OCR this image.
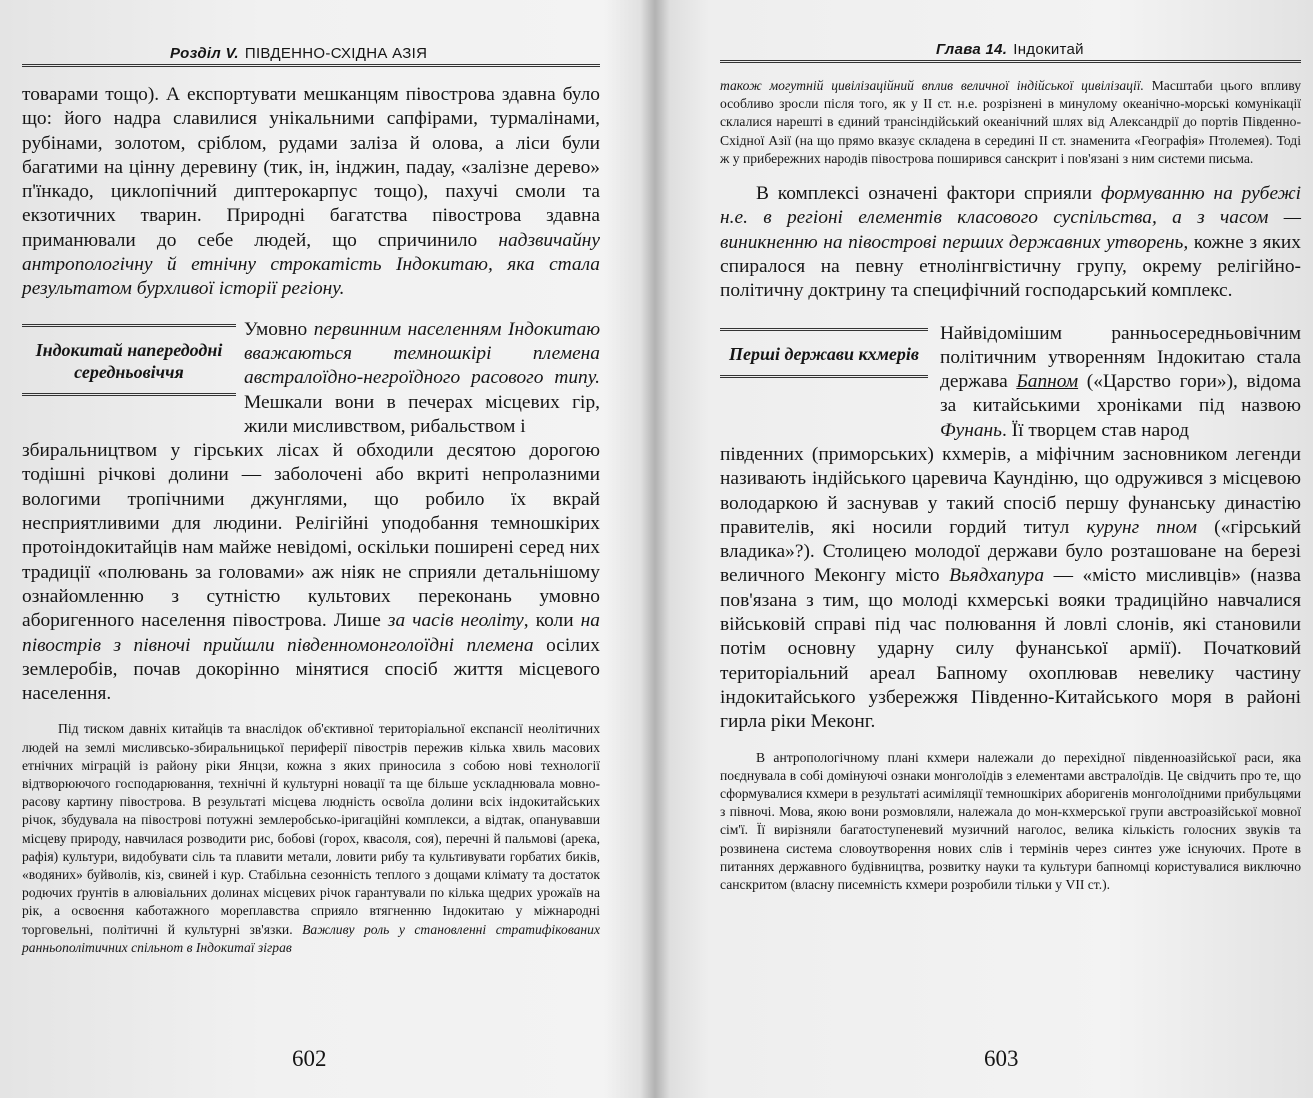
Розділ V. ПІВДЕННО-СХІДНА АЗІЯ

товарами тощо). А експортувати мешканцям півострова здавна було що: його надра славилися унікальними сапфірами, турмалінами, рубінами, золотом, сріблом, рудами заліза й олова, а ліси були багатими на цінну деревину (тик, ін, інджин, падау, «залізне дерево» п'їнкадо, циклопічний диптерокарпус тощо), пахучі смоли та екзотичних тварин. Природні багатства півострова здавна приманювали до себе людей, що спричинило надзвичайну антропологічну й етнічну строкатість Індокитаю, яка стала результатом бурхливої історії регіону.

Індокитай напередодні середньовіччя

Умовно первинним населенням Індокитаю вважаються темношкірі племена австралоїдно-негроїдного расового типу. Мешкали вони в печерах місцевих гір, жили мисливством, рибальством і

збиральництвом у гірських лісах й обходили десятою дорогою тодішні річкові долини — заболочені або вкриті непролазними вологими тропічними джунглями, що робило їх вкрай несприятливими для людини. Релігійні уподобання темношкірих протоіндокитайців нам майже невідомі, оскільки поширені серед них традиції «полювань за головами» аж ніяк не сприяли детальнішому ознайомленню з сутністю культових переконань умовно аборигенного населення півострова. Лише за часів неоліту, коли на півострів з півночі прийшли південномонголоїдні племена осілих землеробів, почав докорінно мінятися спосіб життя місцевого населення.

Під тиском давніх китайців та внаслідок об'єктивної територіальної експансії неолітичних людей на землі мисливсько-збиральницької периферії півострів пережив кілька хвиль масових етнічних міграцій із району ріки Янцзи, кожна з яких приносила з собою нові технології відтворюючого господарювання, технічні й культурні новації та ще більше ускладнювала мовно-расову картину півострова. В результаті місцева людність освоїла долини всіх індокитайських річок, збудувала на півострові потужні землеробсько-іригаційні комплекси, а відтак, опанувавши місцеву природу, навчилася розводити рис, бобові (горох, квасоля, соя), перечні й пальмові (арека, рафія) культури, видобувати сіль та плавити метали, ловити рибу та культивувати горбатих биків, «водяних» буйволів, кіз, свиней і кур. Стабільна сезонність теплого з дощами клімату та достаток родючих ґрунтів в алювіальних долинах місцевих річок гарантували по кілька щедрих урожаїв на рік, а освоєння каботажного мореплавства сприяло втягненню Індокитаю у міжнародні торговельні, політичні й культурні зв'язки. Важливу роль у становленні стратифікованих ранньополітичних спільнот в Індокитаї зіграв

602
Глава 14. Індокитай

також могутній цивілізаційний вплив величної індійської цивілізації. Масштаби цього впливу особливо зросли після того, як у II ст. н.е. розрізнені в минулому океанічно-морські комунікації склалися нарешті в єдиний трансіндійський океанічний шлях від Александрії до портів Південно-Східної Азії (на що прямо вказує складена в середині II ст. знаменита «Географія» Птолемея). Тоді ж у прибережних народів півострова поширився санскрит і пов'язані з ним системи письма.

В комплексі означені фактори сприяли формуванню на рубежі н.е. в регіоні елементів класового суспільства, а з часом — виникненню на півострові перших державних утворень, кожне з яких спиралося на певну етнолінгвістичну групу, окрему релігійно-політичну доктрину та специфічний господарський комплекс.

Перші держави кхмерів

Найвідомішим ранньосередньовічним політичним утворенням Індокитаю стала держава Бапном («Царство гори»), відома за китайськими хроніками під назвою Фунань. Її творцем став народ

південних (приморських) кхмерів, а міфічним засновником легенди називають індійського царевича Каундіню, що одружився з місцевою володаркою й заснував у такий спосіб першу фунанську династію правителів, які носили гордий титул курунг пном («гірський владика»?). Столицею молодої держави було розташоване на березі величного Меконгу місто Вьядхапура — «місто мисливців» (назва пов'язана з тим, що молоді кхмерські вояки традиційно навчалися військовій справі під час полювання й ловлі слонів, які становили потім основну ударну силу фунанської армії). Початковий територіальний ареал Бапному охоплював невелику частину індокитайського узбережжя Південно-Китайського моря в районі гирла ріки Меконг.

В антропологічному плані кхмери належали до перехідної південноазійської раси, яка поєднувала в собі домінуючі ознаки монголоїдів з елементами австралоїдів. Це свідчить про те, що сформувалися кхмери в результаті асиміляції темношкірих аборигенів монголоїдними прибульцями з півночі. Мова, якою вони розмовляли, належала до мон-кхмерської групи австроазійської мовної сім'ї. Її вирізняли багатоступеневий музичний наголос, велика кількість голосних звуків та розвинена система словоутворення нових слів і термінів через синтез уже існуючих. Проте в питаннях державного будівництва, розвитку науки та культури бапномці користувалися виключно санскритом (власну писемність кхмери розробили тільки у VII ст.).

603
